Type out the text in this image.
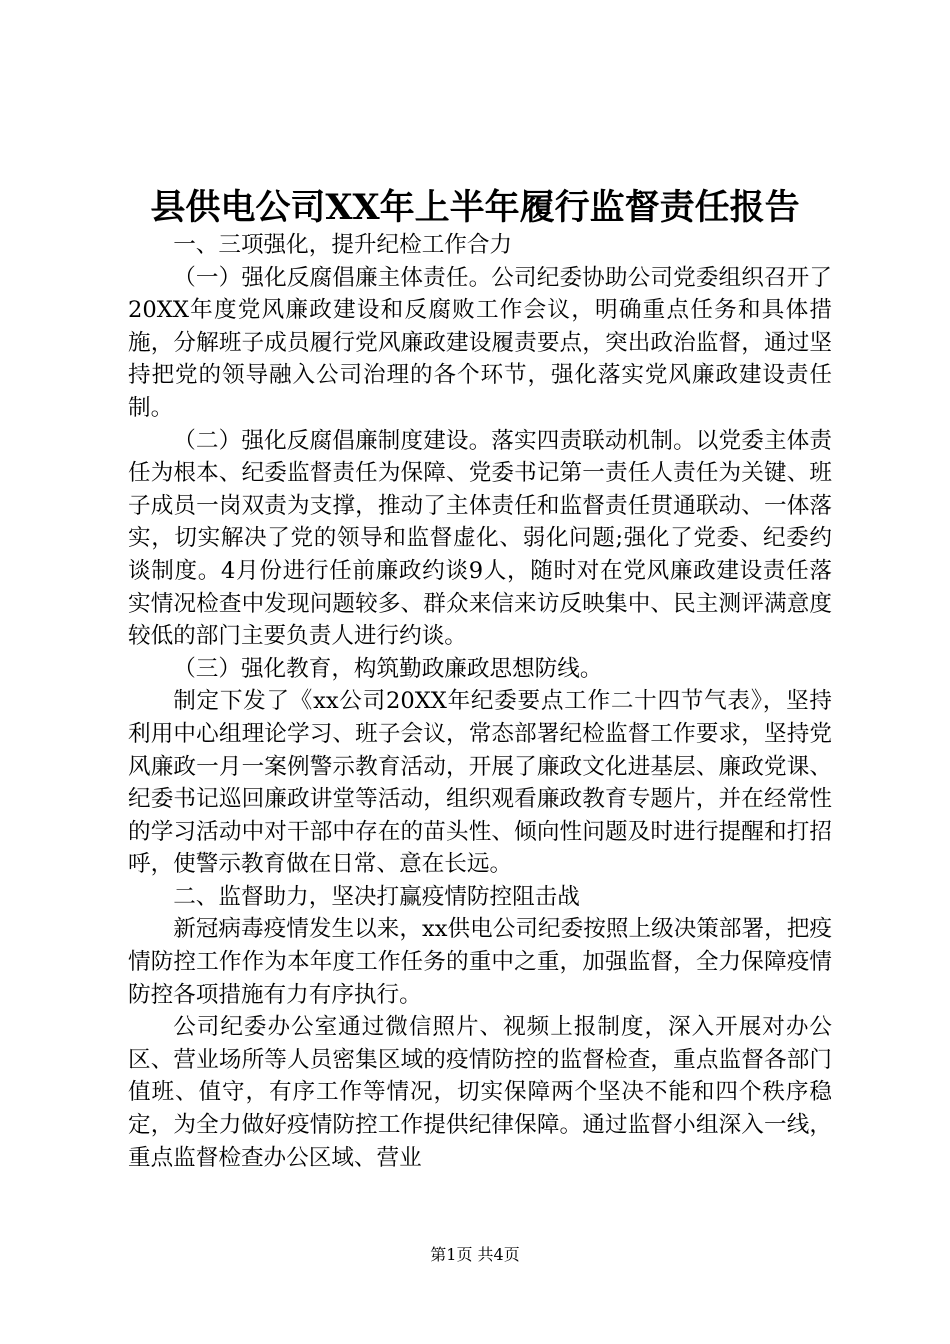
县供电公司XX年上半年履行监督责任报告

一、三项强化，提升纪检工作合力

（一）强化反腐倡廉主体责任。公司纪委协助公司党委组织召开了20XX年度党风廉政建设和反腐败工作会议，明确重点任务和具体措施，分解班子成员履行党风廉政建设履责要点，突出政治监督，通过坚持把党的领导融入公司治理的各个环节，强化落实党风廉政建设责任制。

（二）强化反腐倡廉制度建设。落实四责联动机制。以党委主体责任为根本、纪委监督责任为保障、党委书记第一责任人责任为关键、班子成员一岗双责为支撑，推动了主体责任和监督责任贯通联动、一体落实，切实解决了党的领导和监督虚化、弱化问题;强化了党委、纪委约谈制度。4月份进行任前廉政约谈9人，随时对在党风廉政建设责任落实情况检查中发现问题较多、群众来信来访反映集中、民主测评满意度较低的部门主要负责人进行约谈。

（三）强化教育，构筑勤政廉政思想防线。

制定下发了《xx公司20XX年纪委要点工作二十四节气表》，坚持利用中心组理论学习、班子会议，常态部署纪检监督工作要求，坚持党风廉政一月一案例警示教育活动，开展了廉政文化进基层、廉政党课、纪委书记巡回廉政讲堂等活动，组织观看廉政教育专题片，并在经常性的学习活动中对干部中存在的苗头性、倾向性问题及时进行提醒和打招呼，使警示教育做在日常、意在长远。

二、监督助力，坚决打赢疫情防控阻击战

新冠病毒疫情发生以来，xx供电公司纪委按照上级决策部署，把疫情防控工作作为本年度工作任务的重中之重，加强监督，全力保障疫情防控各项措施有力有序执行。

公司纪委办公室通过微信照片、视频上报制度，深入开展对办公区、营业场所等人员密集区域的疫情防控的监督检查，重点监督各部门值班、值守，有序工作等情况，切实保障两个坚决不能和四个秩序稳定，为全力做好疫情防控工作提供纪律保障。通过监督小组深入一线，重点监督检查办公区域、营业

第1页 共4页
